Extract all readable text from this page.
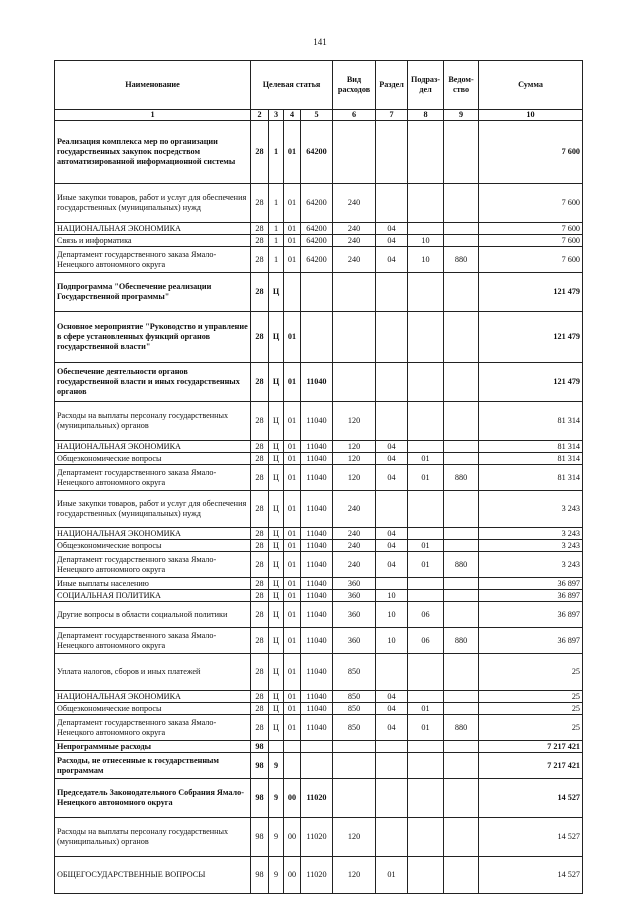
141
Наименование	Целевая статья				Вид расходов	Раздел	Подраз-дел	Ведом-ство	Сумма
1	2	3	4	5	6	7	8	9	10
Реализация комплекса мер по организации государственных закупок посредством автоматизированной информационной системы	28	1	01	64200					7 600
Иные закупки товаров, работ и услуг для обеспечения государственных (муниципальных) нужд	28	1	01	64200	240				7 600
НАЦИОНАЛЬНАЯ ЭКОНОМИКА	28	1	01	64200	240	04			7 600
Связь и информатика	28	1	01	64200	240	04	10		7 600
Департамент государственного заказа Ямало-Ненецкого автономного округа	28	1	01	64200	240	04	10	880	7 600
Подпрограмма "Обеспечение реализации Государственной программы"	28	Ц							121 479
Основное мероприятие "Руководство и управление в сфере установленных функций органов государственной власти"	28	Ц	01						121 479
Обеспечение деятельности органов государственной власти и иных государственных органов	28	Ц	01	11040					121 479
Расходы на выплаты персоналу государственных (муниципальных) органов	28	Ц	01	11040	120				81 314
НАЦИОНАЛЬНАЯ ЭКОНОМИКА	28	Ц	01	11040	120	04			81 314
Общеэкономические вопросы	28	Ц	01	11040	120	04	01		81 314
Департамент государственного заказа Ямало-Ненецкого автономного округа	28	Ц	01	11040	120	04	01	880	81 314
Иные закупки товаров, работ и услуг для обеспечения государственных (муниципальных) нужд	28	Ц	01	11040	240				3 243
НАЦИОНАЛЬНАЯ ЭКОНОМИКА	28	Ц	01	11040	240	04			3 243
Общеэкономические вопросы	28	Ц	01	11040	240	04	01		3 243
Департамент государственного заказа Ямало-Ненецкого автономного округа	28	Ц	01	11040	240	04	01	880	3 243
Иные выплаты населению	28	Ц	01	11040	360				36 897
СОЦИАЛЬНАЯ ПОЛИТИКА	28	Ц	01	11040	360	10			36 897
Другие вопросы в области социальной политики	28	Ц	01	11040	360	10	06		36 897
Департамент государственного заказа Ямало-Ненецкого автономного округа	28	Ц	01	11040	360	10	06	880	36 897
Уплата налогов, сборов и иных платежей	28	Ц	01	11040	850				25
НАЦИОНАЛЬНАЯ ЭКОНОМИКА	28	Ц	01	11040	850	04			25
Общеэкономические вопросы	28	Ц	01	11040	850	04	01		25
Департамент государственного заказа Ямало-Ненецкого автономного округа	28	Ц	01	11040	850	04	01	880	25
Непрограммные расходы	98								7 217 421
Расходы, не отнесенные к государственным программам	98	9							7 217 421
Председатель Законодательного Собрания Ямало-Ненецкого автономного округа	98	9	00	11020					14 527
Расходы на выплаты персоналу государственных (муниципальных) органов	98	9	00	11020	120				14 527
ОБЩЕГОСУДАРСТВЕННЫЕ ВОПРОСЫ	98	9	00	11020	120	01			14 527
